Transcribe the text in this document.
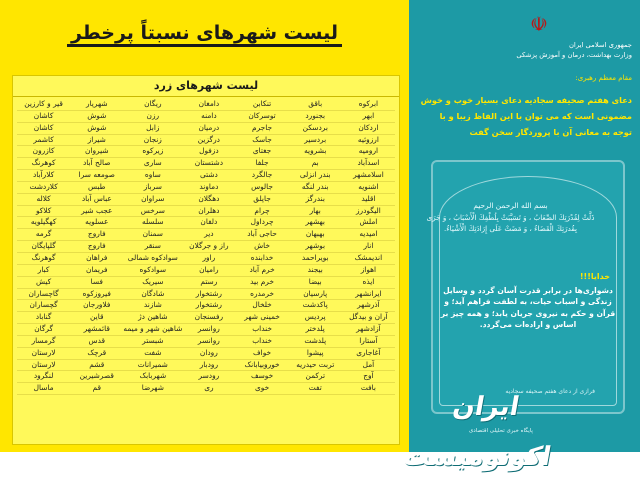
لیست شهرهای نسبتاً پرخطر
لیست شهرهای زرد
ابرکوه
باقق
تنکابن
دامغان
ریگان
شهریار
قیر و کارزین
ابهر
بجنورد
توسرکان
دامنه
رزن
شوش
کاشان
اردکان
بردسکن
جاجرم
درمیان
زابل
شوش
کاشان
ارزوئیه
بردسیر
جاسک
درگزین
زنجان
شیراز
کاشمر
ارومیه
بشرویه
جغتای
دزفول
زیرکوه
شیروان
کازرون
اسدآباد
بم
جلفا
دشتستان
ساری
صالح آباد
کوهرنگ
اسلامشهر
بندر انزلی
جالگرد
دشتی
ساوه
صومعه سرا
کلارآباد
اشنویه
بندر لنگه
جالوس
دماوند
سرباز
طبس
کلاردشت
اقلید
بندرگز
جاپلق
دهگلان
سراوان
عباس آباد
کلاله
الیگودرز
بهار
چرام
دهلران
سرخس
عجب شیر
کلاکو
املش
بهشهر
چرداول
دلفان
سلسله
عسلویه
کهگیلویه
امیدیه
بهبهان
حاجی آباد
دیر
سمنان
فاروج
گرمه
انار
بوشهر
خاش
راز و جرگلان
سنقر
فاروج
گلپایگان
اندیمشک
بویراحمد
خدابنده
راور
سوادکوه شمالی
فراهان
گوهرنگ
اهواز
بیجند
خرم آباد
رامیان
سوادکوه
فریمان
کبار
ایذه
بیضا
خرم بید
رستم
سیریک
فسا
کیش
ایرانشهر
پارسیان
خرمدره
رشتخوار
شادگان
فیروزکوه
گاچساران
آذرشهر
پاکدشت
خلخال
رشتخوار
شازند
فلاورجان
گچساران
آران و بیدگل
پردیس
خمینی شهر
رفسنجان
شاهین دژ
قاین
گناباد
آزادشهر
پلدختر
خنداب
روانسر
شاهین شهر و میمه
قائمشهر
گرگان
آستارا
پلدشت
خنداب
روانسر
شبستر
قدس
گرمسار
آغاجاری
پیشوا
خواف
رودان
شفت
قرچک
لارستان
آمل
تربت حیدریه
خوروبیابانک
رودبار
شمیرانات
قشم
لارستان
آوج
ترکمن
خوسف
رودسر
شهربابک
قصرشیرین
لنگرود
بافت
تفت
خوی
ری
شهرضا
قم
ماسال
☫
جمهوری اسلامی ایران
وزارت بهداشت، درمان و آموزش پزشکی
مقام معظم رهبری:
دعای هفتم صحیفه سجادیه دعای بسیار خوب و خوش مضمونی است که می توان با این الفاظ زیبا و با توجه به معانی آن با پروردگار سخن گفت
بسم الله الرحمن الرحیم
ذَلَّتْ لِقُدْرَتِكَ الصِّعَابُ ، وَ تَسَبَّبَتْ بِلُطْفِكَ الْأَسْبَابُ ، وَ جَرَى بِقُدرَتِكَ الْقَضَاءُ ، وَ مَضَتْ عَلَى إِرَادَتِكَ الْأَشْيَاءُ.
خدایا!!!
دشواری‌ها در برابر قدرت آسان گردد و وسایل زندگی و اسباب حیات، به لطفت فراهم آید؛ و قرآن و حکم به نیروی جریان یابد؛ و همه چیز بر اساس و اراده‌ات می‌گردد.
فرازی از دعای هفتم صحیفه سجادیه
ایران اکونومیست
پایگاه خبری تحلیلی اقتصادی
